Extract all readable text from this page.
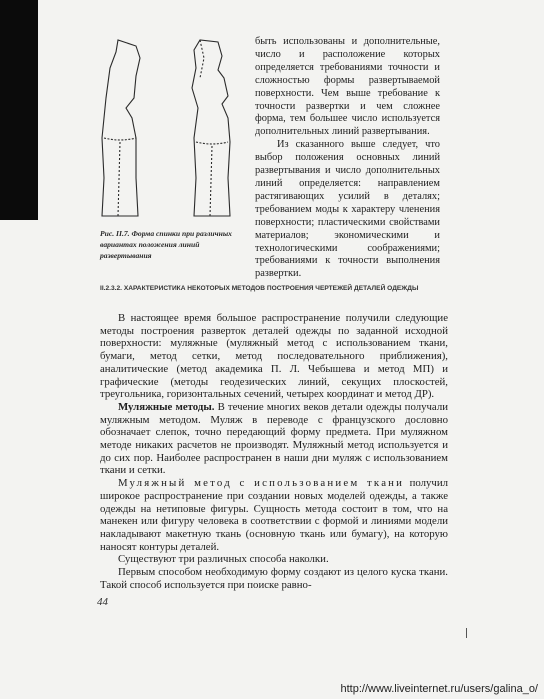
Рис. II.7. Форма спинки при различных вариантах положения линий развертывания

быть использованы и дополнительные, число и расположение которых определяется требованиями точности и сложностью формы развертываемой поверхности. Чем выше требование к точности развертки и чем сложнее форма, тем большее число используется дополнительных линий развертывания.

Из сказанного выше следует, что выбор положения основных линий развертывания и число дополнительных линий определяется: направлением растягивающих усилий в деталях; требованием моды к характеру членения поверхности; пластическими свойствами материалов; экономическими и технологическими соображениями; требованиями к точности выполнения развертки.

II.2.3.2. ХАРАКТЕРИСТИКА НЕКОТОРЫХ МЕТОДОВ ПОСТРОЕНИЯ ЧЕРТЕЖЕЙ ДЕТАЛЕЙ ОДЕЖДЫ

В настоящее время большое распространение получили следующие методы построения разверток деталей одежды по заданной исходной поверхности: муляжные (муляжный метод с использованием ткани, бумаги, метод сетки, метод последовательного приближения), аналитические (метод академика П. Л. Чебышева и метод МП) и графические (методы геодезических линий, секущих плоскостей, треугольника, горизонтальных сечений, четырех координат и метод ДР).

Муляжные методы. В течение многих веков детали одежды получали муляжным методом. Муляж в переводе с французского дословно обозначает слепок, точно передающий форму предмета. При муляжном методе никаких расчетов не производят. Муляжный метод используется и до сих пор. Наиболее распространен в наши дни муляж с использованием ткани и сетки.

Муляжный метод с использованием ткани получил широкое распространение при создании новых моделей одежды, а также одежды на нетиповые фигуры. Сущность метода состоит в том, что на манекен или фигуру человека в соответствии с формой и линиями модели накладывают макетную ткань (основную ткань или бумагу), на которую наносят контуры деталей.

Существуют три различных способа наколки.

Первым способом необходимую форму создают из целого куска ткани. Такой способ используется при поиске равно-

44
http://www.liveinternet.ru/users/galina_o/
